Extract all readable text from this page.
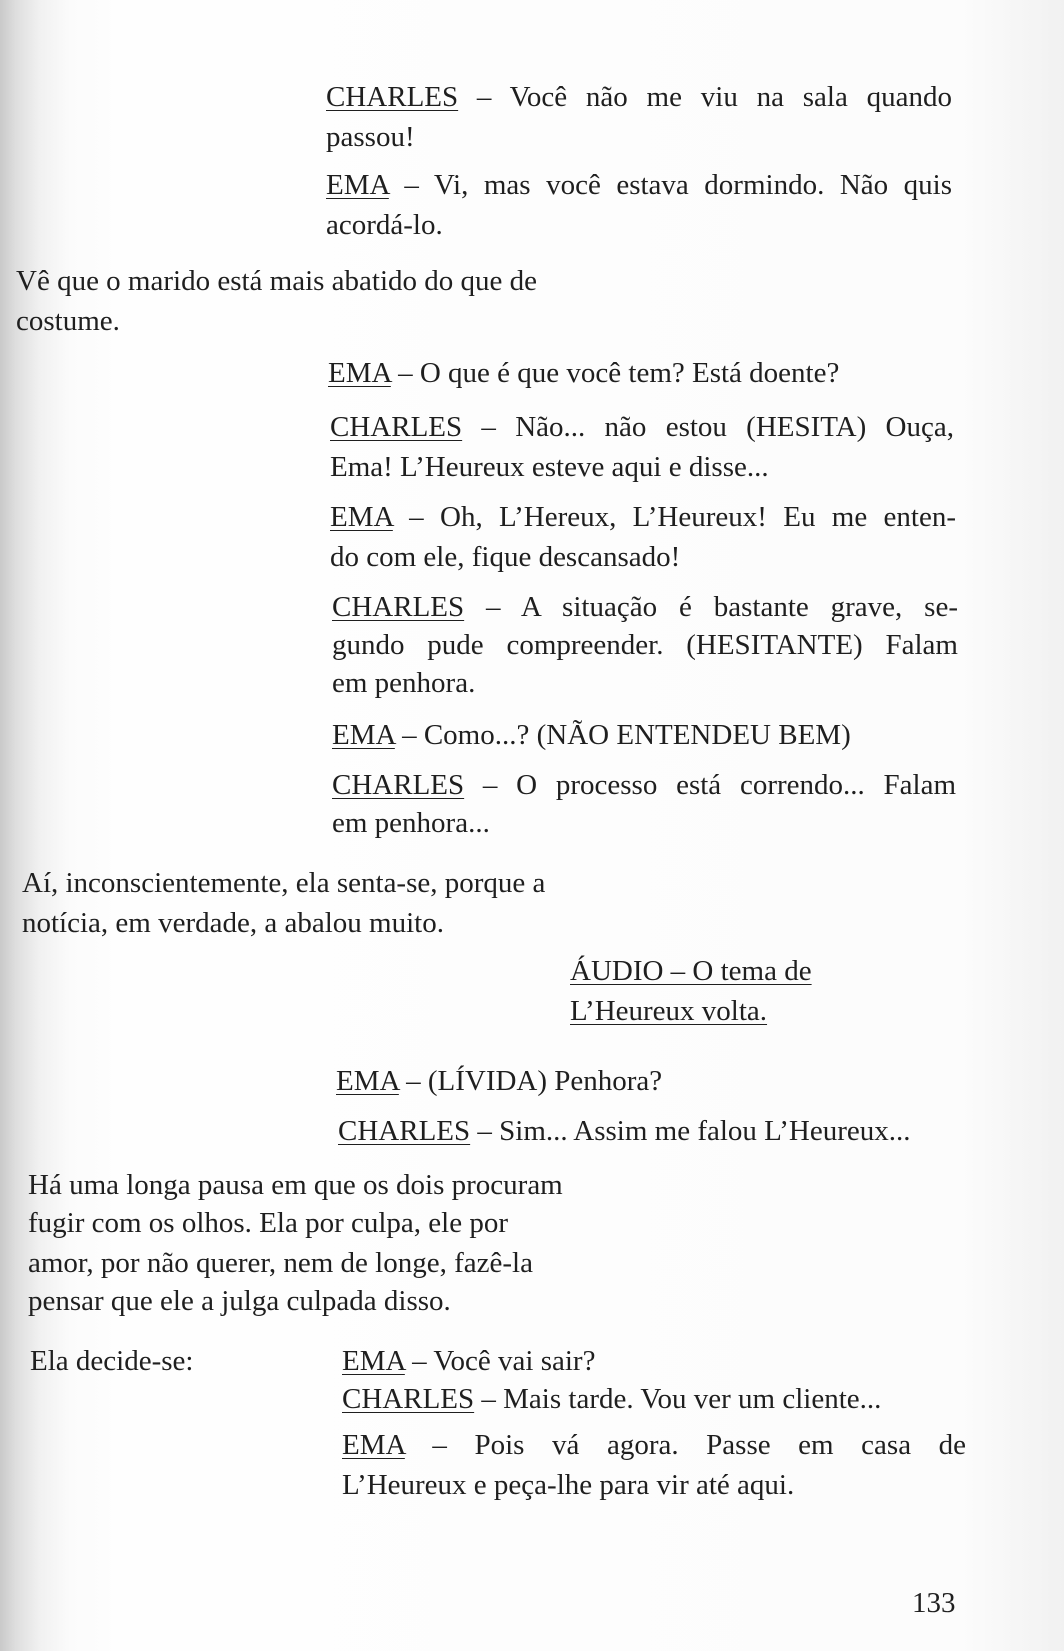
CHARLES – Você não me viu na sala quando
passou!
EMA – Vi, mas você estava dormindo. Não quis
acordá-lo.
Vê que o marido está mais abatido do que de
costume.
EMA – O que é que você tem? Está doente?
CHARLES – Não... não estou (HESITA) Ouça,
Ema! L’Heureux esteve aqui e disse...
EMA – Oh, L’Hereux, L’Heureux! Eu me enten-
do com ele, fique descansado!
CHARLES – A situação é bastante grave, se-
gundo pude compreender. (HESITANTE) Falam
em penhora.
EMA – Como...? (NÃO ENTENDEU BEM)
CHARLES – O processo está correndo... Falam
em penhora...
Aí, inconscientemente, ela senta-se, porque a
notícia, em verdade, a abalou muito.
ÁUDIO – O tema de
L’Heureux volta.
EMA – (LÍVIDA) Penhora?
CHARLES – Sim... Assim me falou L’Heureux...
Há uma longa pausa em que os dois procuram
fugir com os olhos. Ela por culpa, ele por
amor, por não querer, nem de longe, fazê-la
pensar que ele a julga culpada disso.
Ela decide-se:	EMA – Você vai sair?
CHARLES – Mais tarde. Vou ver um cliente...
EMA – Pois vá agora. Passe em casa de
L’Heureux e peça-lhe para vir até aqui.
133
